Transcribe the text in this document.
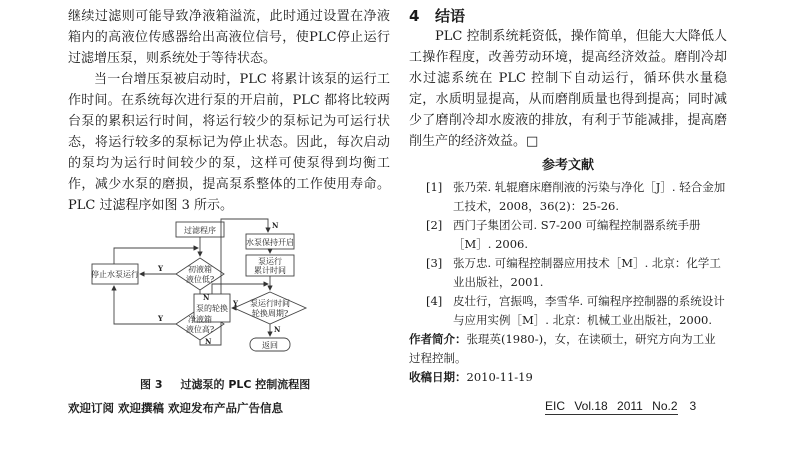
继续过滤则可能导致净液箱溢流，此时通过设置在净液箱内的高液位传感器给出高液位信号，使PLC停止运行过滤增压泵，则系统处于等待状态。

当一台增压泵被启动时，PLC 将累计该泵的运行工作时间。在系统每次进行泵的开启前，PLC 都将比较两台泵的累积运行时间，将运行较少的泵标记为可运行状态，将运行较多的泵标记为停止状态。因此，每次启动的泵均为运行时间较少的泵，这样可使泵得到均衡工作，减少水泵的磨损，提高泵系整体的工作使用寿命。PLC 过滤程序如图 3 所示。

过滤程序
停止水泵运行
初液箱
液位低?
净液箱
液位高?
水泵保持开启
泵运行
累计时间
泵运行时间
轮换周期?
泵的轮换
返回
Y
N
Y
N
N
Y
N
图 3 过滤泵的 PLC 控制流程图

4 结语

PLC 控制系统耗资低，操作简单，但能大大降低人工操作程度，改善劳动环境，提高经济效益。磨削冷却水过滤系统在 PLC 控制下自动运行，循环供水量稳定，水质明显提高，从而磨削质量也得到提高；同时减少了磨削冷却水废液的排放，有利于节能减排，提高磨削生产的经济效益。□

参考文献

[1] 张乃荣. 轧辊磨床磨削液的污染与净化［J］. 轻合金加工技术，2008，36(2)：25-26.

[2] 西门子集团公司. S7-200 可编程控制器系统手册［M］. 2006.

[3] 张万忠. 可编程控制器应用技术［M］. 北京：化学工业出版社，2001.

[4] 皮壮行，宫振鸣，李雪华. 可编程序控制器的系统设计与应用实例［M］. 北京：机械工业出版社，2000.

作者简介：张琨英(1980-)，女，在读硕士，研究方向为工业过程控制。

收稿日期：2010-11-19

欢迎订阅 欢迎撰稿 欢迎发布产品广告信息	EIC Vol.18 2011 No.2 3
